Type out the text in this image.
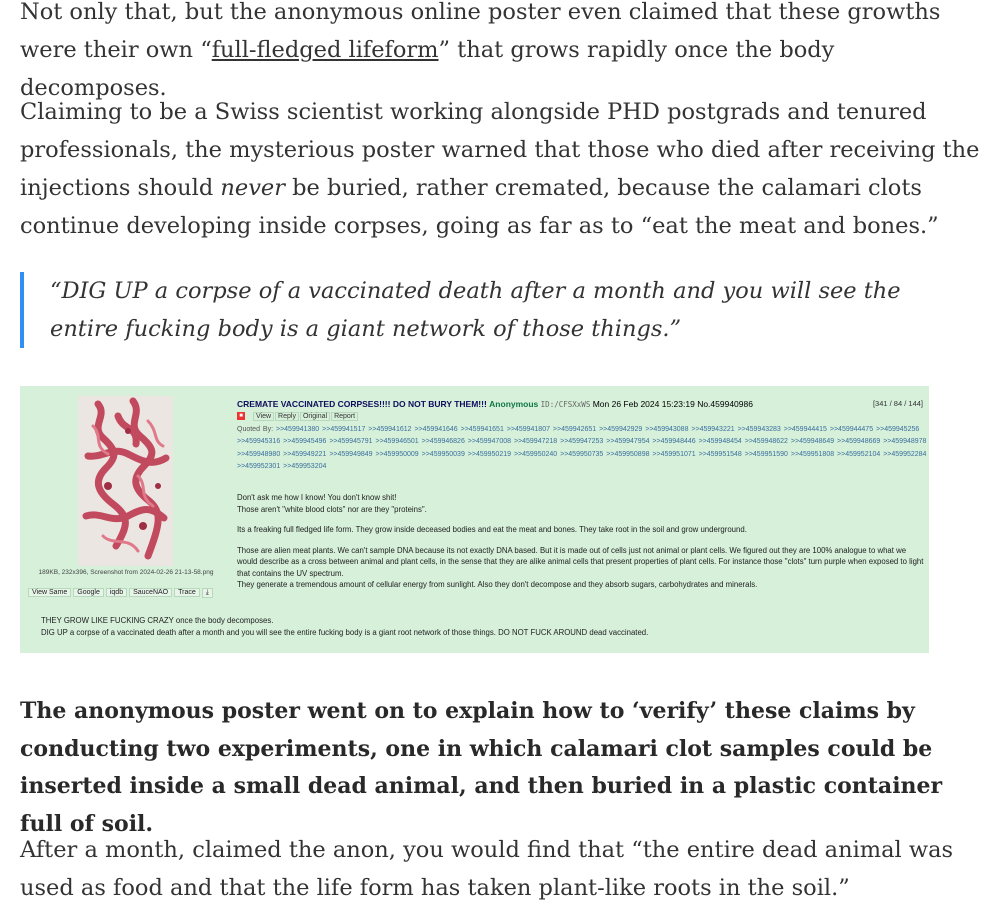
Not only that, but the anonymous online poster even claimed that these growths were their own “full-fledged lifeform” that grows rapidly once the body decomposes.

Claiming to be a Swiss scientist working alongside PHD postgrads and tenured professionals, the mysterious poster warned that those who died after receiving the injections should never be buried, rather cremated, because the calamari clots continue developing inside corpses, going as far as to “eat the meat and bones.”

“DIG UP a corpse of a vaccinated death after a month and you will see the entire fucking body is a giant network of those things.”
189KB, 232x396, Screenshot from 2024-02-26 21-13-58.png
View Same Google iqdb SauceNAO Trace ⤓
CREMATE VACCINATED CORPSES!!!! DO NOT BURY THEM!!! Anonymous ID:/CFSXxWS Mon 26 Feb 2024 15:23:19 No.459940986	[341 / 84 / 144]
■ View Reply Original Report
Quoted By: >>459941380 >>459941517 >>459941612 >>459941646 >>459941651 >>459941807 >>459942651 >>459942929 >>459943088 >>459943221 >>459943283 >>459944415 >>459944475 >>459945256 >>459945316 >>459945496 >>459945791 >>459946501 >>459946826 >>459947008 >>459947218 >>459947253 >>459947954 >>459948446 >>459948454 >>459948622 >>459948649 >>459948669 >>459948978 >>459948980 >>459949221 >>459949849 >>459950009 >>459950039 >>459950219 >>459950240 >>459950735 >>459950898 >>459951071 >>459951548 >>459951590 >>459951808 >>459952104 >>459952284 >>459952301 >>459953204

Don't ask me how I know! You don't know shit!
Those aren't "white blood clots" nor are they "proteins".

Its a freaking full fledged life form. They grow inside deceased bodies and eat the meat and bones. They take root in the soil and grow underground.

Those are alien meat plants. We can't sample DNA because its not exactly DNA based. But it is made out of cells just not animal or plant cells. We figured out they are 100% analogue to what we would describe as a cross between animal and plant cells, in the sense that they are alike animal cells that present properties of plant cells. For instance those "clots" turn purple when exposed to light that contains the UV spectrum.

They generate a tremendous amount of cellular energy from sunlight. Also they don't decompose and they absorb sugars, carbohydrates and minerals.

THEY GROW LIKE FUCKING CRAZY once the body decomposes.
DIG UP a corpse of a vaccinated death after a month and you will see the entire fucking body is a giant root network of those things. DO NOT FUCK AROUND dead vaccinated.

The anonymous poster went on to explain how to ‘verify’ these claims by conducting two experiments, one in which calamari clot samples could be inserted inside a small dead animal, and then buried in a plastic container full of soil.

After a month, claimed the anon, you would find that “the entire dead animal was used as food and that the life form has taken plant-like roots in the soil.”
